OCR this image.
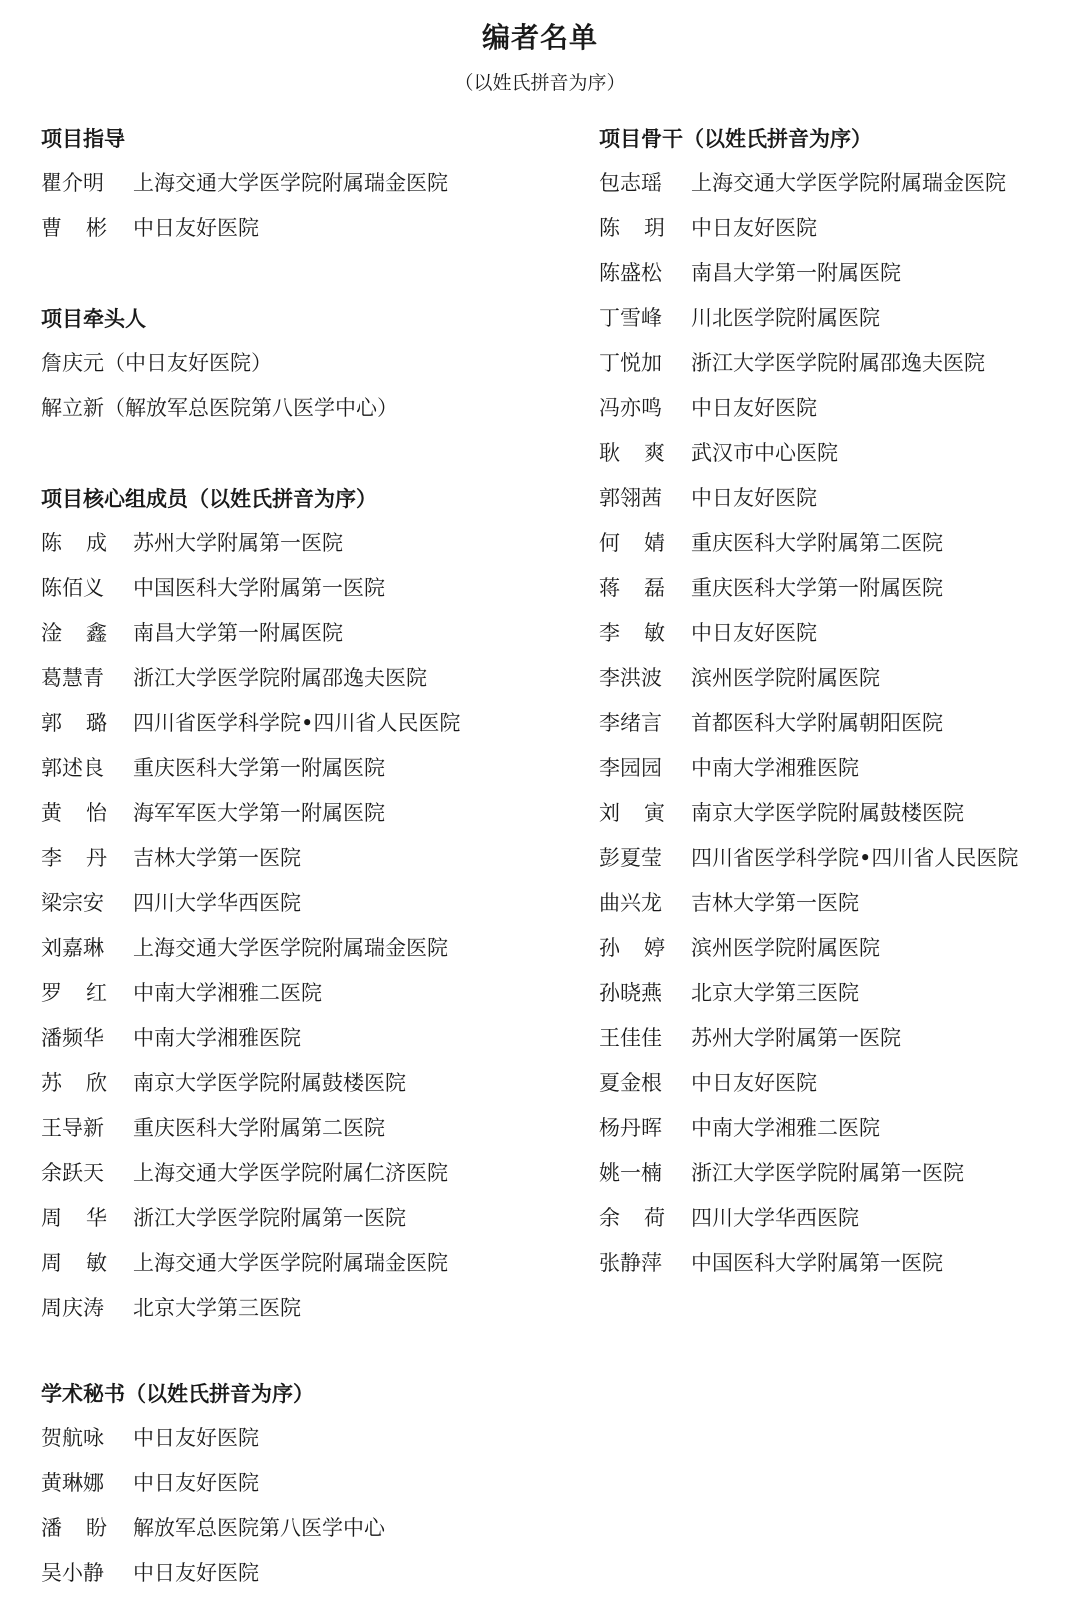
编者名单
（以姓氏拼音为序）
项目指导
瞿介明	上海交通大学医学院附属瑞金医院
曹彬 中日友好医院
项目牵头人
詹庆元（中日友好医院）
解立新（解放军总医院第八医学中心）
项目核心组成员（以姓氏拼音为序）
陈成 苏州大学附属第一医院
陈佰义	中国医科大学附属第一医院
淦鑫 南昌大学第一附属医院
葛慧青	浙江大学医学院附属邵逸夫医院
郭璐 四川省医学科学院•四川省人民医院
郭述良	重庆医科大学第一附属医院
黄怡 海军军医大学第一附属医院
李丹 吉林大学第一医院
梁宗安	四川大学华西医院
刘嘉琳	上海交通大学医学院附属瑞金医院
罗红 中南大学湘雅二医院
潘频华	中南大学湘雅医院
苏欣 南京大学医学院附属鼓楼医院
王导新	重庆医科大学附属第二医院
余跃天	上海交通大学医学院附属仁济医院
周华 浙江大学医学院附属第一医院
周敏 上海交通大学医学院附属瑞金医院
周庆涛	北京大学第三医院
项目骨干（以姓氏拼音为序）
包志瑶	上海交通大学医学院附属瑞金医院
陈玥 中日友好医院
陈盛松	南昌大学第一附属医院
丁雪峰	川北医学院附属医院
丁悦加	浙江大学医学院附属邵逸夫医院
冯亦鸣	中日友好医院
耿爽 武汉市中心医院
郭翎茜	中日友好医院
何婧 重庆医科大学附属第二医院
蒋磊 重庆医科大学第一附属医院
李敏 中日友好医院
李洪波	滨州医学院附属医院
李绪言	首都医科大学附属朝阳医院
李园园	中南大学湘雅医院
刘寅 南京大学医学院附属鼓楼医院
彭夏莹	四川省医学科学院•四川省人民医院
曲兴龙	吉林大学第一医院
孙婷 滨州医学院附属医院
孙晓燕	北京大学第三医院
王佳佳	苏州大学附属第一医院
夏金根	中日友好医院
杨丹晖	中南大学湘雅二医院
姚一楠	浙江大学医学院附属第一医院
余荷 四川大学华西医院
张静萍	中国医科大学附属第一医院
学术秘书（以姓氏拼音为序）
贺航咏	中日友好医院
黄琳娜	中日友好医院
潘盼 解放军总医院第八医学中心
吴小静	中日友好医院
